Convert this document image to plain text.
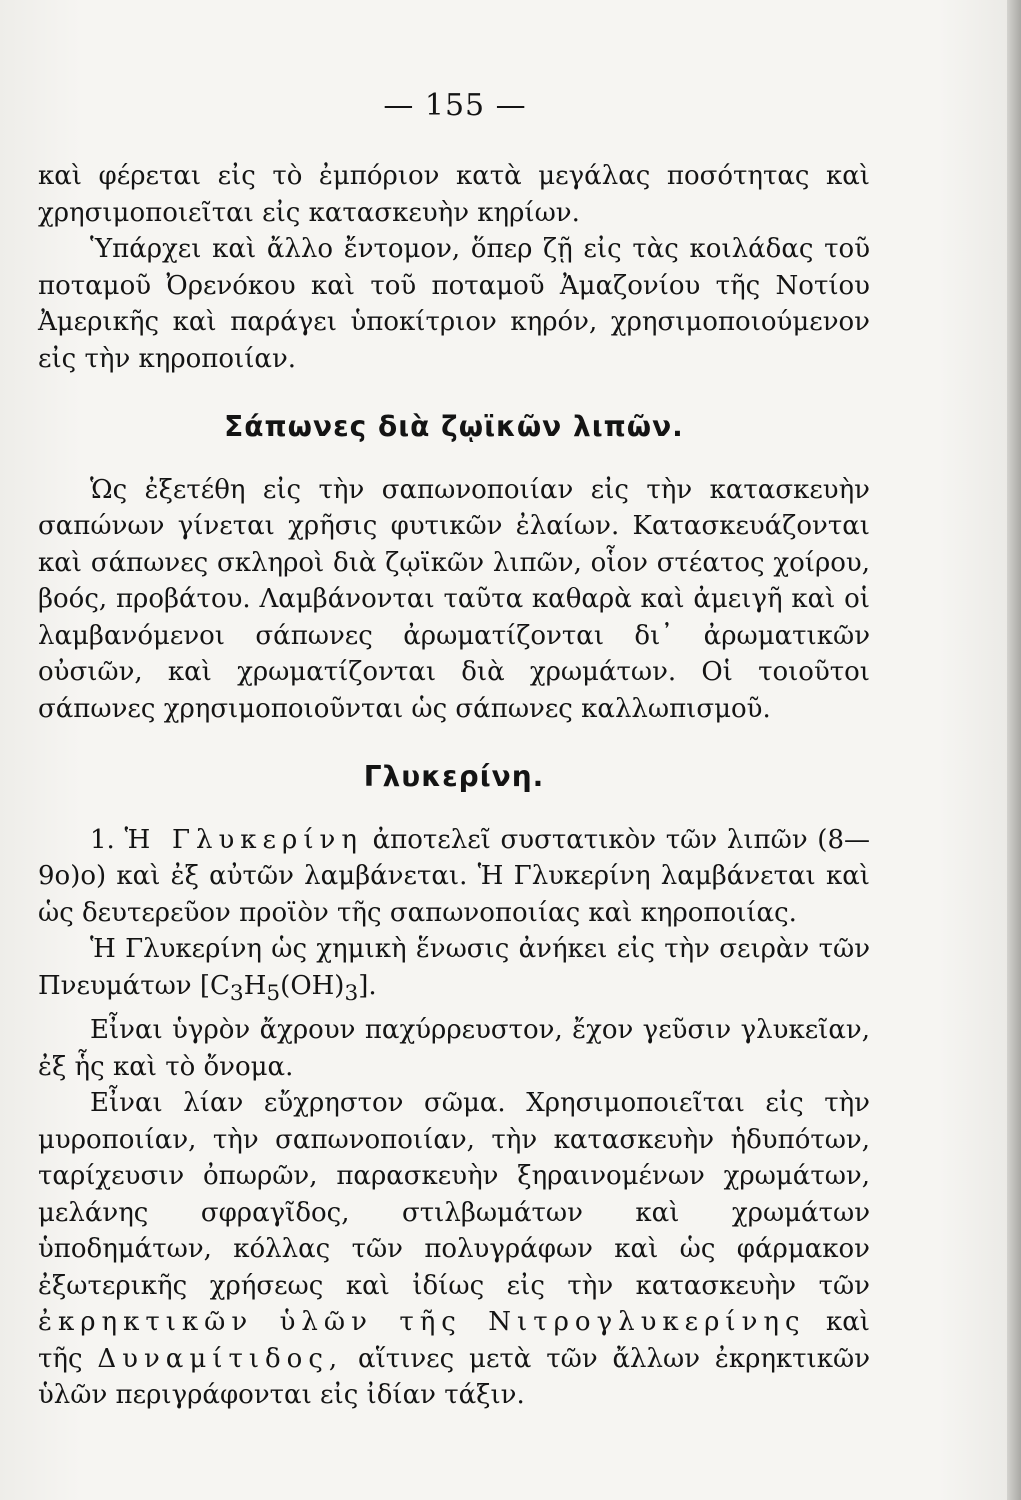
— 155 —

καὶ φέρεται εἰς τὸ ἐμπόριον κατὰ μεγάλας ποσότητας καὶ χρησιμοποιεῖται εἰς κατασκευὴν κηρίων.

Ὑπάρχει καὶ ἄλλο ἔντομον, ὅπερ ζῇ εἰς τὰς κοιλάδας τοῦ ποταμοῦ Ὀρενόκου καὶ τοῦ ποταμοῦ Ἀμαζονίου τῆς Νοτίου Ἀμερικῆς καὶ παράγει ὑποκίτριον κηρόν, χρησιμοποιούμενον εἰς τὴν κηροποιίαν.

Σάπωνες διὰ ζῳϊκῶν λιπῶν.

Ὡς ἐξετέθη εἰς τὴν σαπωνοποιίαν εἰς τὴν κατασκευὴν σαπώνων γίνεται χρῆσις φυτικῶν ἐλαίων. Κατασκευάζονται καὶ σάπωνες σκληροὶ διὰ ζῳϊκῶν λιπῶν, οἷον στέατος χοίρου, βοός, προβάτου. Λαμβάνονται ταῦτα καθαρὰ καὶ ἀμειγῆ καὶ οἱ λαμβανόμενοι σάπωνες ἀρωματίζονται δι᾿ ἀρωματικῶν οὐσιῶν, καὶ χρωματίζονται διὰ χρωμάτων. Οἱ τοιοῦτοι σάπωνες χρησιμοποιοῦνται ὡς σάπωνες καλλωπισμοῦ.

Γλυκερίνη.

1. Ἡ Γλυκερίνη ἀποτελεῖ συστατικὸν τῶν λιπῶν (8—9ο)ο) καὶ ἐξ αὐτῶν λαμβάνεται. Ἡ Γλυκερίνη λαμβάνεται καὶ ὡς δευτερεῦον προϊὸν τῆς σαπωνοποιίας καὶ κηροποιίας.

Ἡ Γλυκερίνη ὡς χημικὴ ἕνωσις ἀνήκει εἰς τὴν σειρὰν τῶν Πνευμάτων $[C_3H_5(OH)_3]$.

Εἶναι ὑγρὸν ἄχρουν παχύρρευστον, ἔχον γεῦσιν γλυκεῖαν, ἐξ ἧς καὶ τὸ ὄνομα.

Εἶναι λίαν εὔχρηστον σῶμα. Χρησιμοποιεῖται εἰς τὴν μυροποιίαν, τὴν σαπωνοποιίαν, τὴν κατασκευὴν ἡδυπότων, ταρίχευσιν ὀπωρῶν, παρασκευὴν ξηραινομένων χρωμάτων, μελάνης σφραγῖδος, στιλβωμάτων καὶ χρωμάτων ὑποδημάτων, κόλλας τῶν πολυγράφων καὶ ὡς φάρμακον ἐξωτερικῆς χρήσεως καὶ ἰδίως εἰς τὴν κατασκευὴν τῶν ἐκρηκτικῶν ὑλῶν τῆς Νιτρογλυκερίνης καὶ τῆς Δυναμίτιδος, αἵτινες μετὰ τῶν ἄλλων ἐκρηκτικῶν ὑλῶν περιγράφονται εἰς ἰδίαν τάξιν.
